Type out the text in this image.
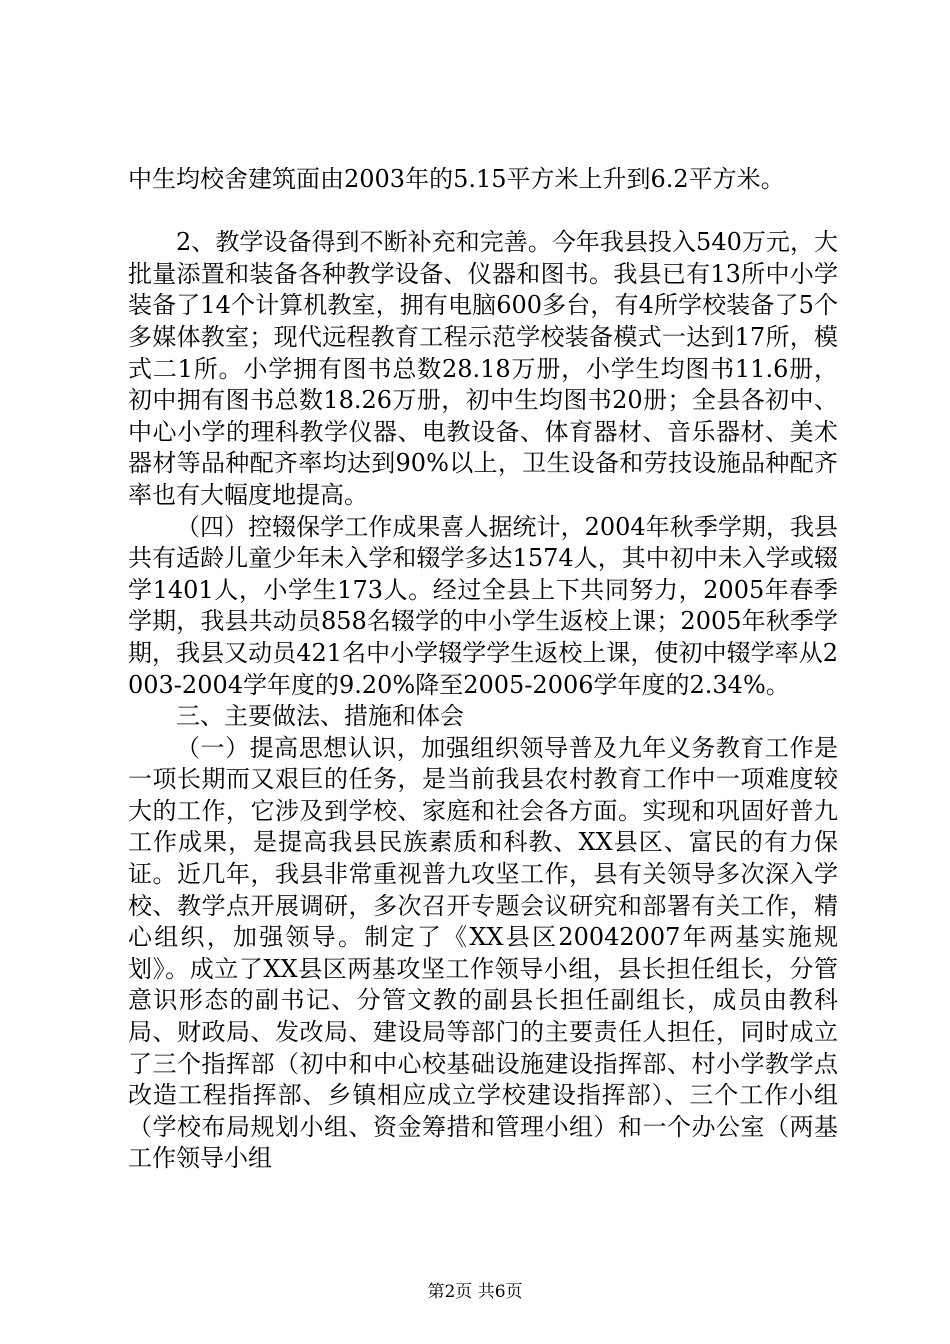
中生均校舍建筑面由2003年的5.15平方米上升到6.2平方米。

2、教学设备得到不断补充和完善。今年我县投入540万元，大批量添置和装备各种教学设备、仪器和图书。我县已有13所中小学装备了14个计算机教室，拥有电脑600多台，有4所学校装备了5个多媒体教室；现代远程教育工程示范学校装备模式一达到17所，模式二1所。小学拥有图书总数28.18万册，小学生均图书11.6册，初中拥有图书总数18.26万册，初中生均图书20册；全县各初中、中心小学的理科教学仪器、电教设备、体育器材、音乐器材、美术器材等品种配齐率均达到90%以上，卫生设备和劳技设施品种配齐率也有大幅度地提高。

（四）控辍保学工作成果喜人据统计，2004年秋季学期，我县共有适龄儿童少年未入学和辍学多达1574人，其中初中未入学或辍学1401人，小学生173人。经过全县上下共同努力，2005年春季学期，我县共动员858名辍学的中小学生返校上课；2005年秋季学期，我县又动员421名中小学辍学学生返校上课，使初中辍学率从2003-2004学年度的9.20%降至2005-2006学年度的2.34%。

三、主要做法、措施和体会

（一）提高思想认识，加强组织领导普及九年义务教育工作是一项长期而又艰巨的任务，是当前我县农村教育工作中一项难度较大的工作，它涉及到学校、家庭和社会各方面。实现和巩固好普九工作成果，是提高我县民族素质和科教、XX县区、富民的有力保证。近几年，我县非常重视普九攻坚工作，县有关领导多次深入学校、教学点开展调研，多次召开专题会议研究和部署有关工作，精心组织，加强领导。制定了《XX县区20042007年两基实施规划》。成立了XX县区两基攻坚工作领导小组，县长担任组长，分管意识形态的副书记、分管文教的副县长担任副组长，成员由教科局、财政局、发改局、建设局等部门的主要责任人担任，同时成立了三个指挥部（初中和中心校基础设施建设指挥部、村小学教学点改造工程指挥部、乡镇相应成立学校建设指挥部）、三个工作小组（学校布局规划小组、资金筹措和管理小组）和一个办公室（两基工作领导小组

第2页 共6页
